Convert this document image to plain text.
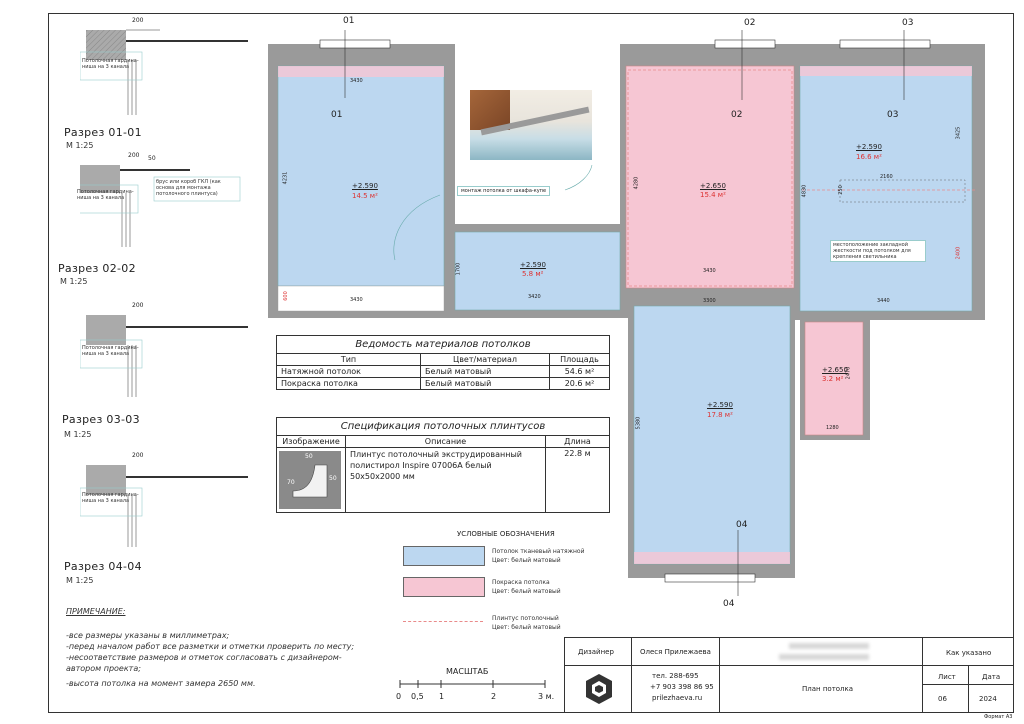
200
Потолочная гардина-ниша на 3 канала
Разрез 01-01
М 1:25
200 50
Потолочная гардина-ниша на 3 канала
брус или короб ГКЛ (как основа для монтажа потолочного плинтуса)
Разрез 02-02
М 1:25
200
Потолочная гардина-ниша на 3 канала
Разрез 03-03
М 1:25
200
Потолочная гардина-ниша на 3 канала
Разрез 04-04
М 1:25
01
01
02
02
03
03
04
04
+2.590
14.5 м²
3430
3430
4231
600
+2.590
5.8 м²
3420
1700
+2.650
15.4 м²
3430
4280
+2.590
16.6 м²
3440
4830
3425
2400
+2.590
17.8 м²
3300
5380
+2.650
3.2 м²
1280
2470
монтаж потолка от шкафа-купе
местоположение закладной жесткости под потолком для крепления светильника
2160
250
Ведомость материалов потолков		
Тип	Цвет/материал	Площадь
Натяжной потолок	Белый матовый	54.6 м²
Покраска потолка	Белый матовый	20.6 м²
Спецификация потолочных плинтусов		
Изображение	Описание	Длина

50
50
70	Плинтус потолочный экструдированный полистирол Inspire 07006A белый 50х50х2000 мм	22.8 м
УСЛОВНЫЕ ОБОЗНАЧЕНИЯ
Потолок тканевый натяжной
Цвет: белый матовый
Покраска потолка
Цвет: белый матовый
Плинтус потолочный
Цвет: белый матовый
ПРИМЕЧАНИЕ:
-все размеры указаны в миллиметрах;
-перед началом работ все разметки и отметки проверить по месту;
-несоответствие размеров и отметок согласовать с дизайнером-автором проекта;
-высота потолка на момент замера 2650 мм.
МАСШТАБ
0 0,5 1	2	3 м.
Дизайнер	Олеся Прилежаева
тел. 288-695
+7 903 398 86 95
prilezhaeva.ru
План потолка
Как указано
Лист	Дата
06	2024
Формат А3
